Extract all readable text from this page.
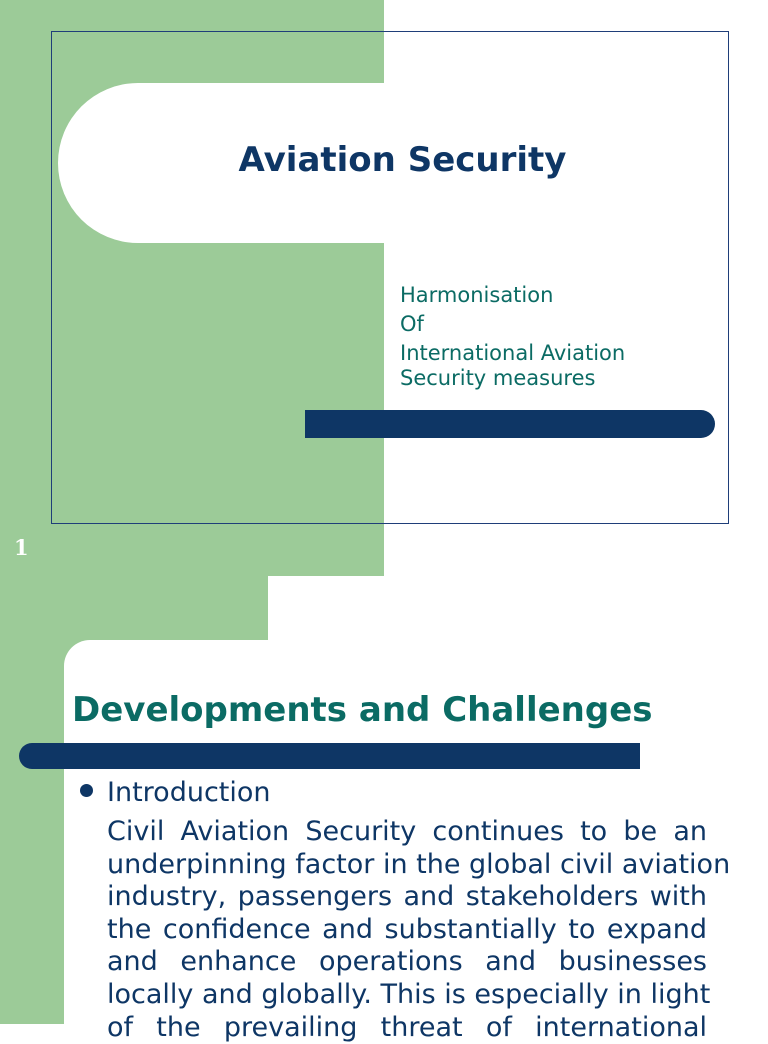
Aviation Security
Harmonisation
Of
International Aviation
Security measures
1
Developments and Challenges
Introduction
Civil Aviation Security continues to be an
underpinning factor in the global civil aviation
industry, passengers and stakeholders with
the confidence and substantially to expand
and enhance operations and businesses
locally and globally. This is especially in light
of the prevailing threat of international
